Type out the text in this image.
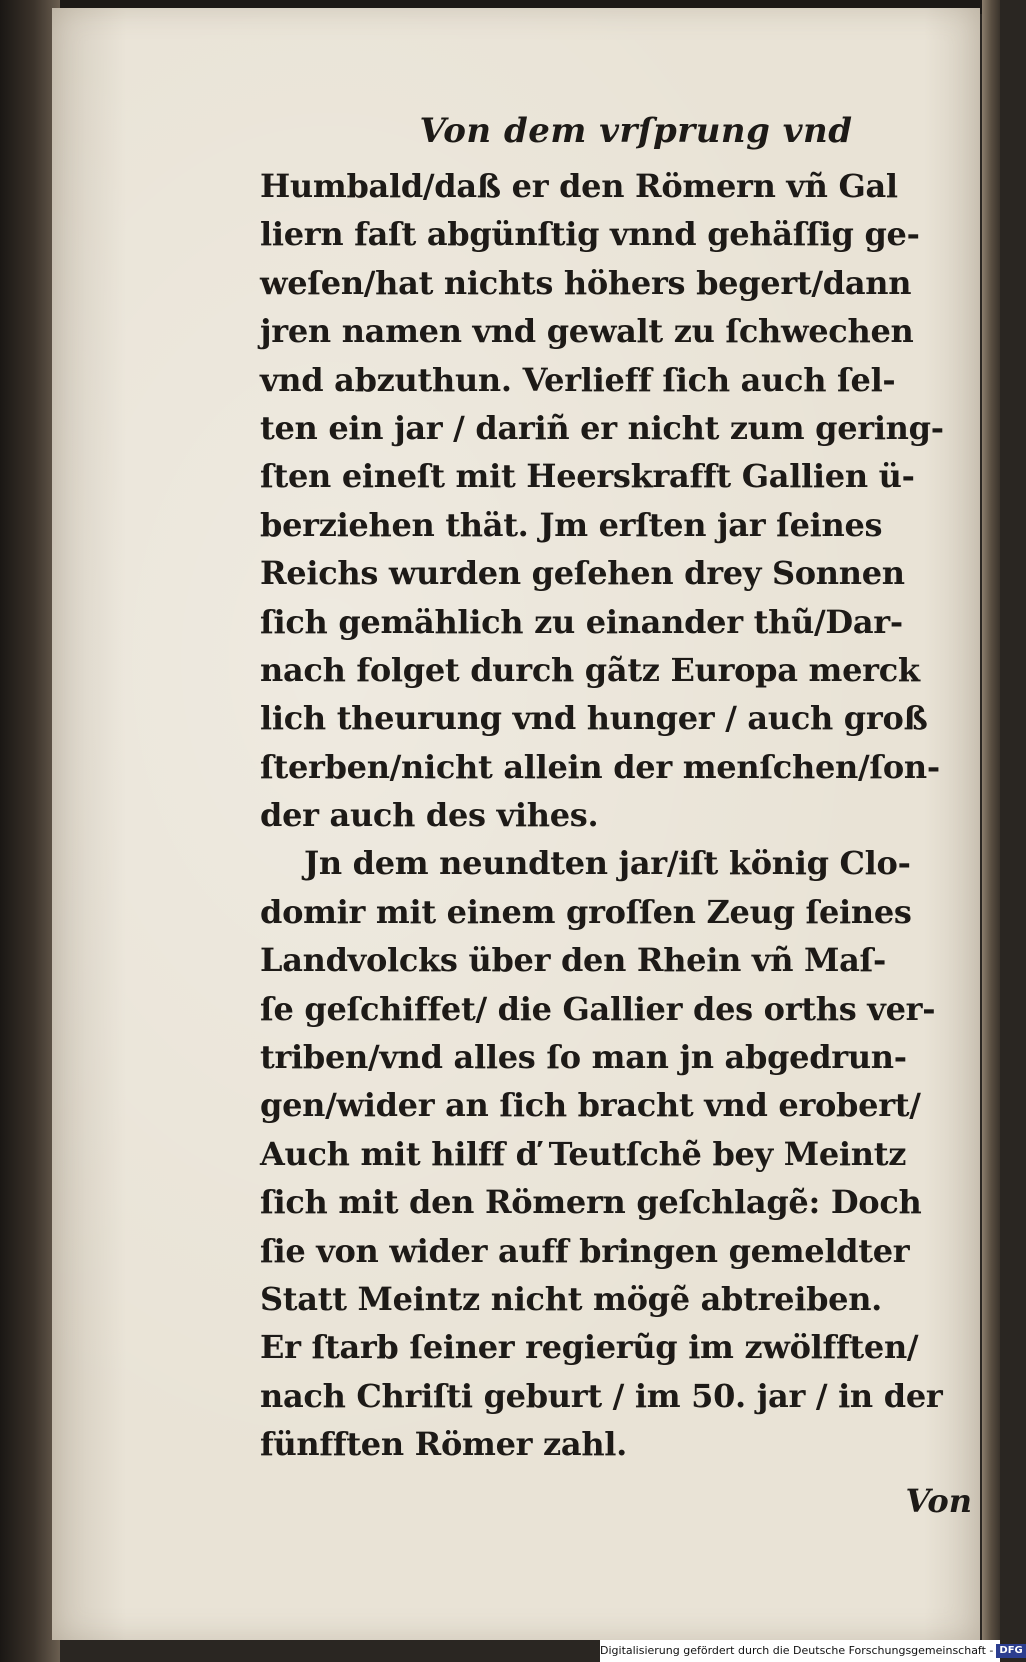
Von dem vrſprung vnd
Humbald/daß er den Römern vñ Gal
liern faſt abgünſtig vnnd gehäſſig ge-
weſen/hat nichts höhers begert/dann
jren namen vnd gewalt zu ſchwechen
vnd abzuthun. Verlieff ſich auch ſel-
ten ein jar / dariñ er nicht zum gering-
ſten eineſt mit Heerskrafft Gallien ü-
berziehen thät. Jm erſten jar ſeines
Reichs wurden geſehen drey Sonnen
ſich gemählich zu einander thũ/Dar-
nach folget durch gãtz Europa merck
lich theurung vnd hunger / auch groß
ſterben/nicht allein der menſchen/ſon-
der auch des vihes.
Jn dem neundten jar/iſt könig Clo-
domir mit einem groſſen Zeug ſeines
Landvolcks über den Rhein vñ Maſ-
ſe geſchiffet/ die Gallier des orths ver-
triben/vnd alles ſo man jn abgedrun-
gen/wider an ſich bracht vnd erobert/
Auch mit hilff ď Teutſchẽ bey Meintz
ſich mit den Römern geſchlagẽ: Doch
ſie von wider auff bringen gemeldter
Statt Meintz nicht mögẽ abtreiben.
Er ſtarb ſeiner regierũg im zwölfften/
nach Chriſti geburt / im 50. jar / in der
fünfften Römer zahl.
Von
Digitalisierung gefördert durch die Deutsche Forschungsgemeinschaft - DFG
